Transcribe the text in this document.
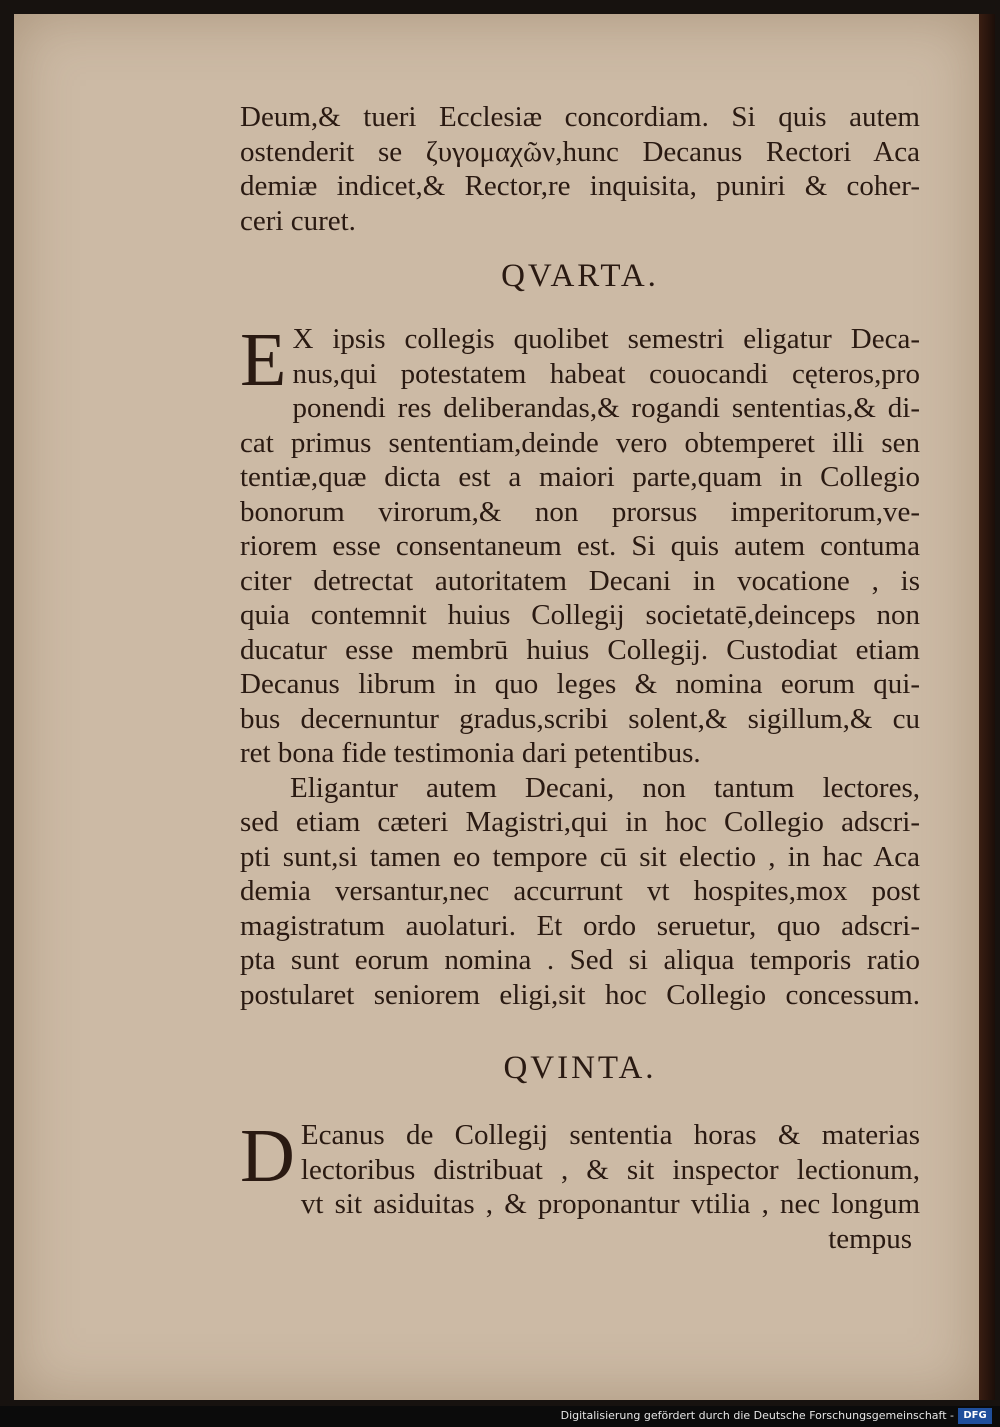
Deum,& tueri Ecclesiæ concordiam. Si quis autem
ostenderit se ζυγομαχῶν,hunc Decanus Rectori Aca
demiæ indicet,& Rector,re inquisita, puniri & coher-
ceri curet.
QVARTA.
E X ipsis collegis quolibet semestri eligatur Deca-
nus,qui potestatem habeat couocandi cęteros,pro
ponendi res deliberandas,& rogandi sententias,& di-
cat primus sententiam,deinde vero obtemperet illi sen
tentiæ,quæ dicta est a maiori parte,quam in Collegio
bonorum virorum,& non prorsus imperitorum,ve-
riorem esse consentaneum est. Si quis autem contuma
citer detrectat autoritatem Decani in vocatione , is
quia contemnit huius Collegij societatē,deinceps non
ducatur esse membrū huius Collegij. Custodiat etiam
Decanus librum in quo leges & nomina eorum qui-
bus decernuntur gradus,scribi solent,& sigillum,& cu
ret bona fide testimonia dari petentibus.
Eligantur autem Decani, non tantum lectores,
sed etiam cæteri Magistri,qui in hoc Collegio adscri-
pti sunt,si tamen eo tempore cū sit electio , in hac Aca
demia versantur,nec accurrunt vt hospites,mox post
magistratum auolaturi. Et ordo seruetur, quo adscri-
pta sunt eorum nomina . Sed si aliqua temporis ratio
postularet seniorem eligi,sit hoc Collegio concessum.
QVINTA.
D Ecanus de Collegij sententia horas & materias
lectoribus distribuat , & sit inspector lectionum,
vt sit asiduitas , & proponantur vtilia , nec longum
tempus
Digitalisierung gefördert durch die Deutsche Forschungsgemeinschaft - DFG
